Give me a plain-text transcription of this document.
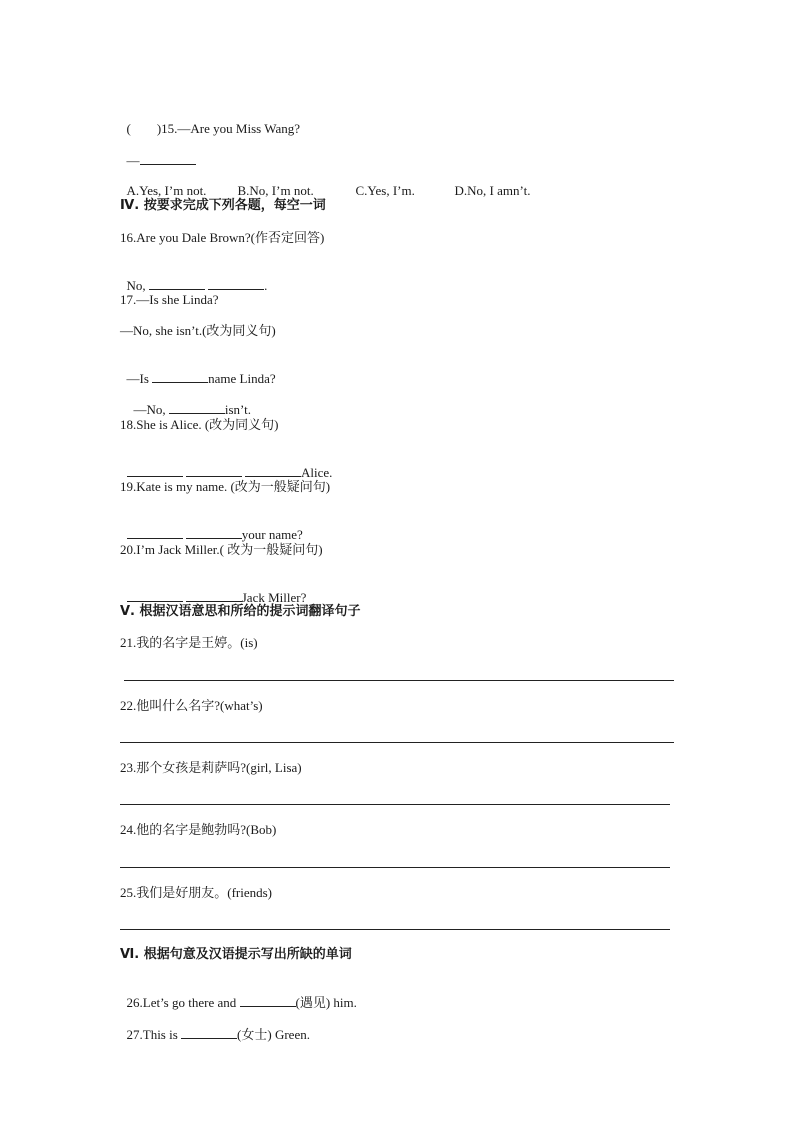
(        )15.—Are you Miss Wang?

—

A.Yes, I’m not. B.No, I’m not.	C.Yes, I’m.	D.No, I amn’t.

Ⅳ. 按要求完成下列各题，每空一词
16.Are you Dale Brown?(作否定回答)

No,	.

17.—Is she Linda?
—No, she isn’t.(改为同义句)

—Is	name Linda?

—No,	isn’t.

18.She is Alice. (改为同义句)

Alice.

19.Kate is my name. (改为一般疑问句)

your name?

20.I’m Jack Miller.( 改为一般疑问句)

Jack Miller?

Ⅴ. 根据汉语意思和所给的提示词翻译句子
21.我的名字是王婷。(is)
22.他叫什么名字?(what’s)
23.那个女孩是莉萨吗?(girl, Lisa)
24.他的名字是鲍勃吗?(Bob)
25.我们是好朋友。(friends)
Ⅵ. 根据句意及汉语提示写出所缺的单词

26.Let’s go there and	(遇见) him.

27.This is	(女士) Green.
